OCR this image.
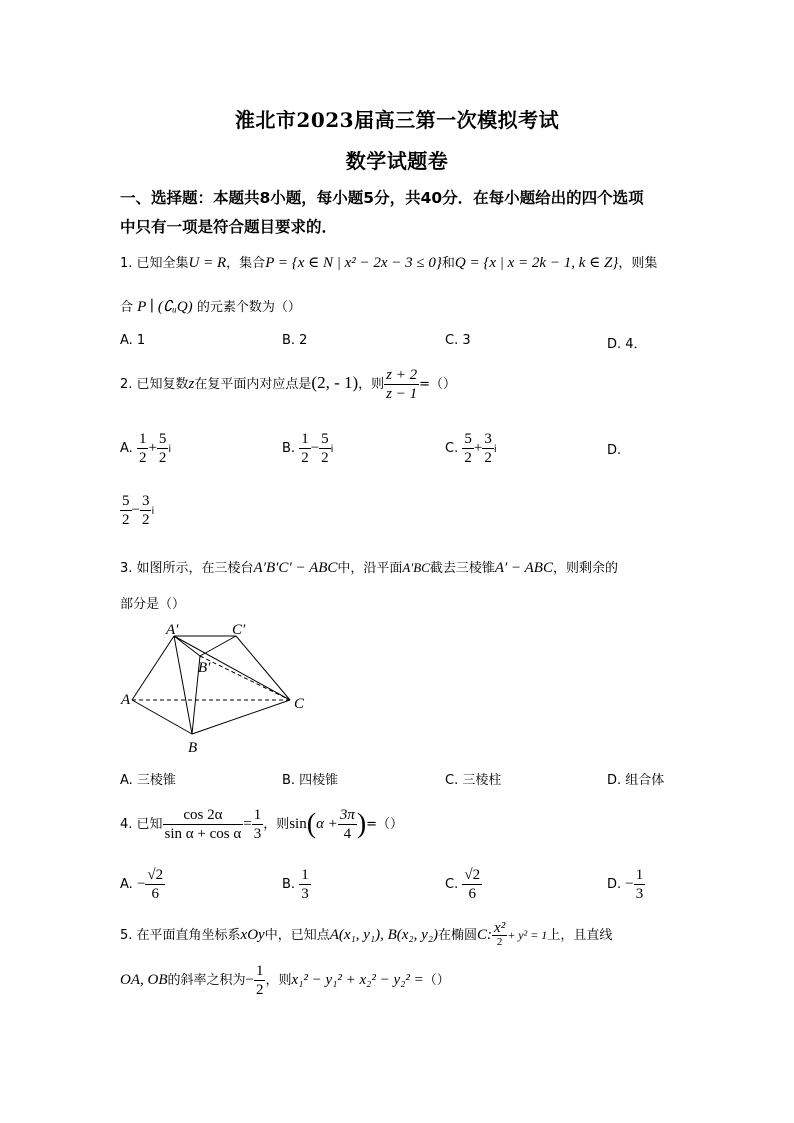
淮北市2023届高三第一次模拟考试
数学试题卷
一、选择题：本题共8小题，每小题5分，共40分．在每小题给出的四个选项
中只有一项是符合题目要求的．
1. 已知全集U = R，集合P = {x ∈ N | x² − 2x − 3 ≤ 0}和Q = {x | x = 2k − 1, k ∈ Z}，则集
合 P ∣ (∁ᵤQ) 的元素个数为（）
A. 1	B. 2	C. 3	D. 4．
2. 已知复数z在复平面内对应点是(2, - 1)，则 $\frac{z + 2}{z - 1}$ =（）
A. $\frac{1}{2} + \frac{5}{2}$ i	B. $\frac{1}{2} - \frac{5}{2}$ i	C. $\frac{5}{2} + \frac{3}{2}$ i	D.
$\frac{5}{2} - \frac{3}{2}$ i
3. 如图所示，在三棱台A′B′C′ − ABC中，沿平面A′BC截去三棱锥A′ − ABC，则剩余的
部分是（）
A′	C′
B′
A
B
C
A. 三棱锥	B. 四棱锥	C. 三棱柱	D. 组合体
4. 已知 $\frac{\cos 2\alpha}{\text{sin α + cos α}} = \frac{1}{3}$ ，则$\sin(\alpha + \frac{3\pi}{4}$ )=（）
A. − $\frac{√2}{6}$	B. $\frac{1}{3}$	C. $\frac{√2}{6}$	D. − $\frac{1}{3}$
5. 在平面直角坐标系xOy中，已知点A(x₁, y₁), B(x₂, y₂)在椭圆C: $\frac{\text{x²}}{2} + y^2 = 1$上，且直线
OA, OB的斜率之积为− $\frac{1}{2}$ ，则x₁² − y₁² + x₂² − y₂² =（）
